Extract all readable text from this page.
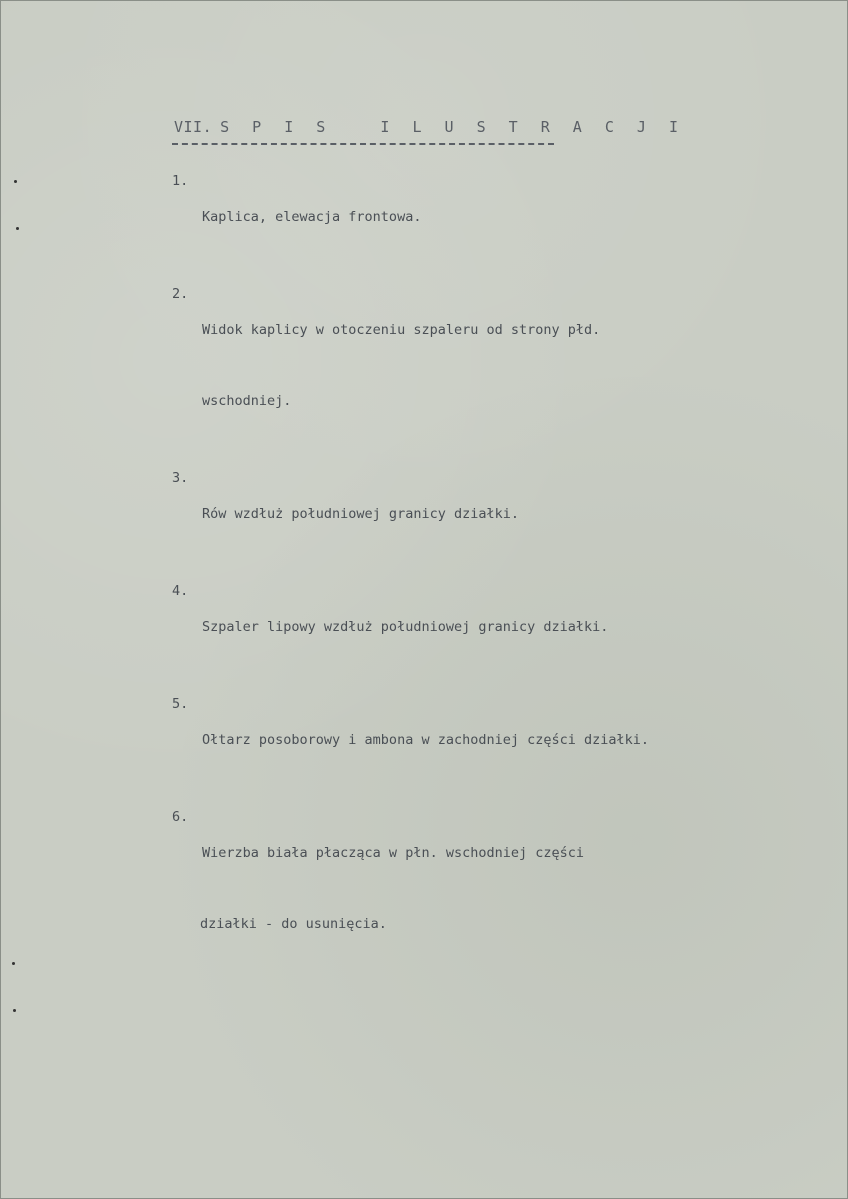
VII. S P I S   I L U S T R A C J I
1.

Kaplica, elewacja frontowa.

2.

Widok kaplicy w otoczeniu szpaleru od strony płd.

wschodniej.

3.

Rów wzdłuż południowej granicy działki.

4.

Szpaler lipowy wzdłuż południowej granicy działki.

5.

Ołtarz posoborowy i ambona w zachodniej części działki.

6.

Wierzba biała płacząca w płn. wschodniej części

działki - do usunięcia.
